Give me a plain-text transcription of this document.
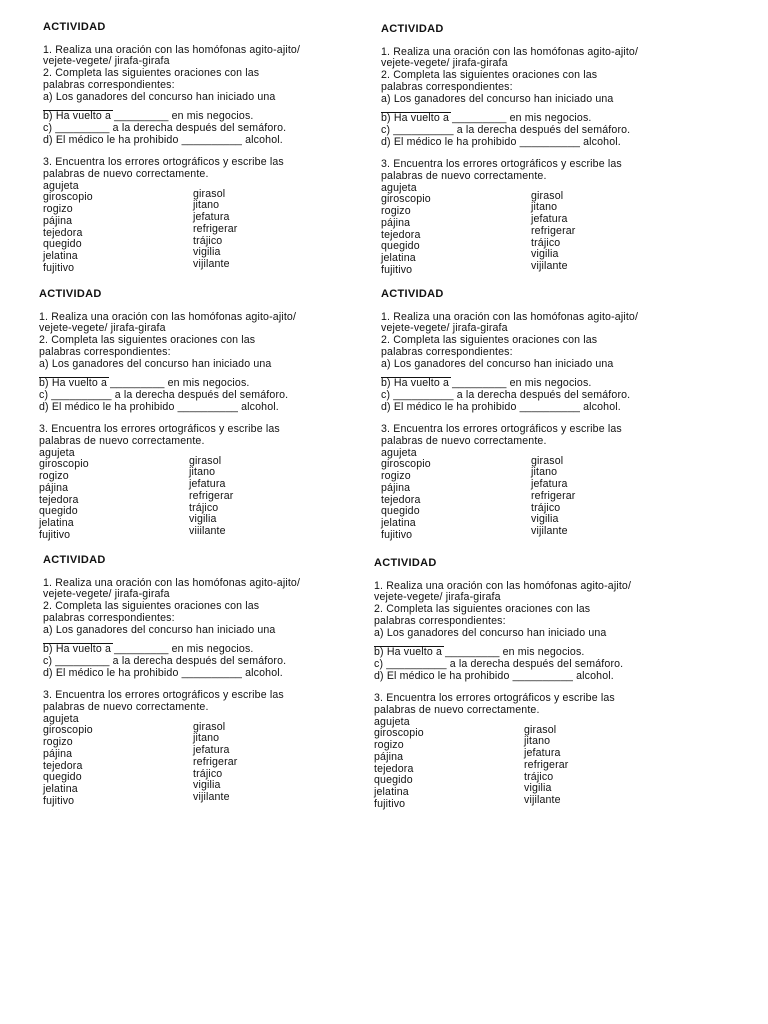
ACTIVIDAD

1. Realiza una oración con las homófonas agito-ajito/

vejete-vegete/ jirafa-girafa

2. Completa las siguientes oraciones con las

palabras correspondientes:

a) Los ganadores del concurso han iniciado una

b) Ha vuelto a _________ en mis negocios.

c) _________ a la derecha después del semáforo.

d) El médico le ha prohibido __________ alcohol.

3. Encuentra los errores ortográficos y escribe las

palabras de nuevo correctamente.

agujeta
giroscopio
rogizo
pájina
tejedora
quegido
jelatina
fujitivo
girasol
jitano
jefatura
refrigerar
trájico
vigilia
vijilante
ACTIVIDAD

1. Realiza una oración con las homófonas agito-ajito/

vejete-vegete/ jirafa-girafa

2. Completa las siguientes oraciones con las

palabras correspondientes:

a) Los ganadores del concurso han iniciado una

b) Ha vuelto a _________ en mis negocios.

c) __________ a la derecha después del semáforo.

d) El médico le ha prohibido __________ alcohol.

3. Encuentra los errores ortográficos y escribe las

palabras de nuevo correctamente.

agujeta
giroscopio
rogizo
pájina
tejedora
quegido
jelatina
fujitivo
girasol
jitano
jefatura
refrigerar
trájico
vigilia
vijilante
ACTIVIDAD

1. Realiza una oración con las homófonas agito-ajito/

vejete-vegete/ jirafa-girafa

2. Completa las siguientes oraciones con las

palabras correspondientes:

a) Los ganadores del concurso han iniciado una

b) Ha vuelto a _________ en mis negocios.

c) __________ a la derecha después del semáforo.

d) El médico le ha prohibido __________ alcohol.

3. Encuentra los errores ortográficos y escribe las

palabras de nuevo correctamente.

agujeta
giroscopio
rogizo
pájina
tejedora
quegido
jelatina
fujitivo
girasol
jitano
jefatura
refrigerar
trájico
vigilia
viiilante
ACTIVIDAD

1. Realiza una oración con las homófonas agito-ajito/

vejete-vegete/ jirafa-girafa

2. Completa las siguientes oraciones con las

palabras correspondientes:

a) Los ganadores del concurso han iniciado una

b) Ha vuelto a _________ en mis negocios.

c) __________ a la derecha después del semáforo.

d) El médico le ha prohibido __________ alcohol.

3. Encuentra los errores ortográficos y escribe las

palabras de nuevo correctamente.

agujeta
giroscopio
rogizo
pájina
tejedora
quegido
jelatina
fujitivo
girasol
jitano
jefatura
refrigerar
trájico
vigilia
vijilante
ACTIVIDAD

1. Realiza una oración con las homófonas agito-ajito/

vejete-vegete/ jirafa-girafa

2. Completa las siguientes oraciones con las

palabras correspondientes:

a) Los ganadores del concurso han iniciado una

b) Ha vuelto a _________ en mis negocios.

c) _________ a la derecha después del semáforo.

d) El médico le ha prohibido __________ alcohol.

3. Encuentra los errores ortográficos y escribe las

palabras de nuevo correctamente.

agujeta
giroscopio
rogizo
pájina
tejedora
quegido
jelatina
fujitivo
girasol
jitano
jefatura
refrigerar
trájico
vigilia
vijilante
ACTIVIDAD

1. Realiza una oración con las homófonas agito-ajito/

vejete-vegete/ jirafa-girafa

2. Completa las siguientes oraciones con las

palabras correspondientes:

a) Los ganadores del concurso han iniciado una

b) Ha vuelto a _________ en mis negocios.

c) __________ a la derecha después del semáforo.

d) El médico le ha prohibido __________ alcohol.

3. Encuentra los errores ortográficos y escribe las

palabras de nuevo correctamente.

agujeta
giroscopio
rogizo
pájina
tejedora
quegido
jelatina
fujitivo
girasol
jitano
jefatura
refrigerar
trájico
vigilia
vijilante
